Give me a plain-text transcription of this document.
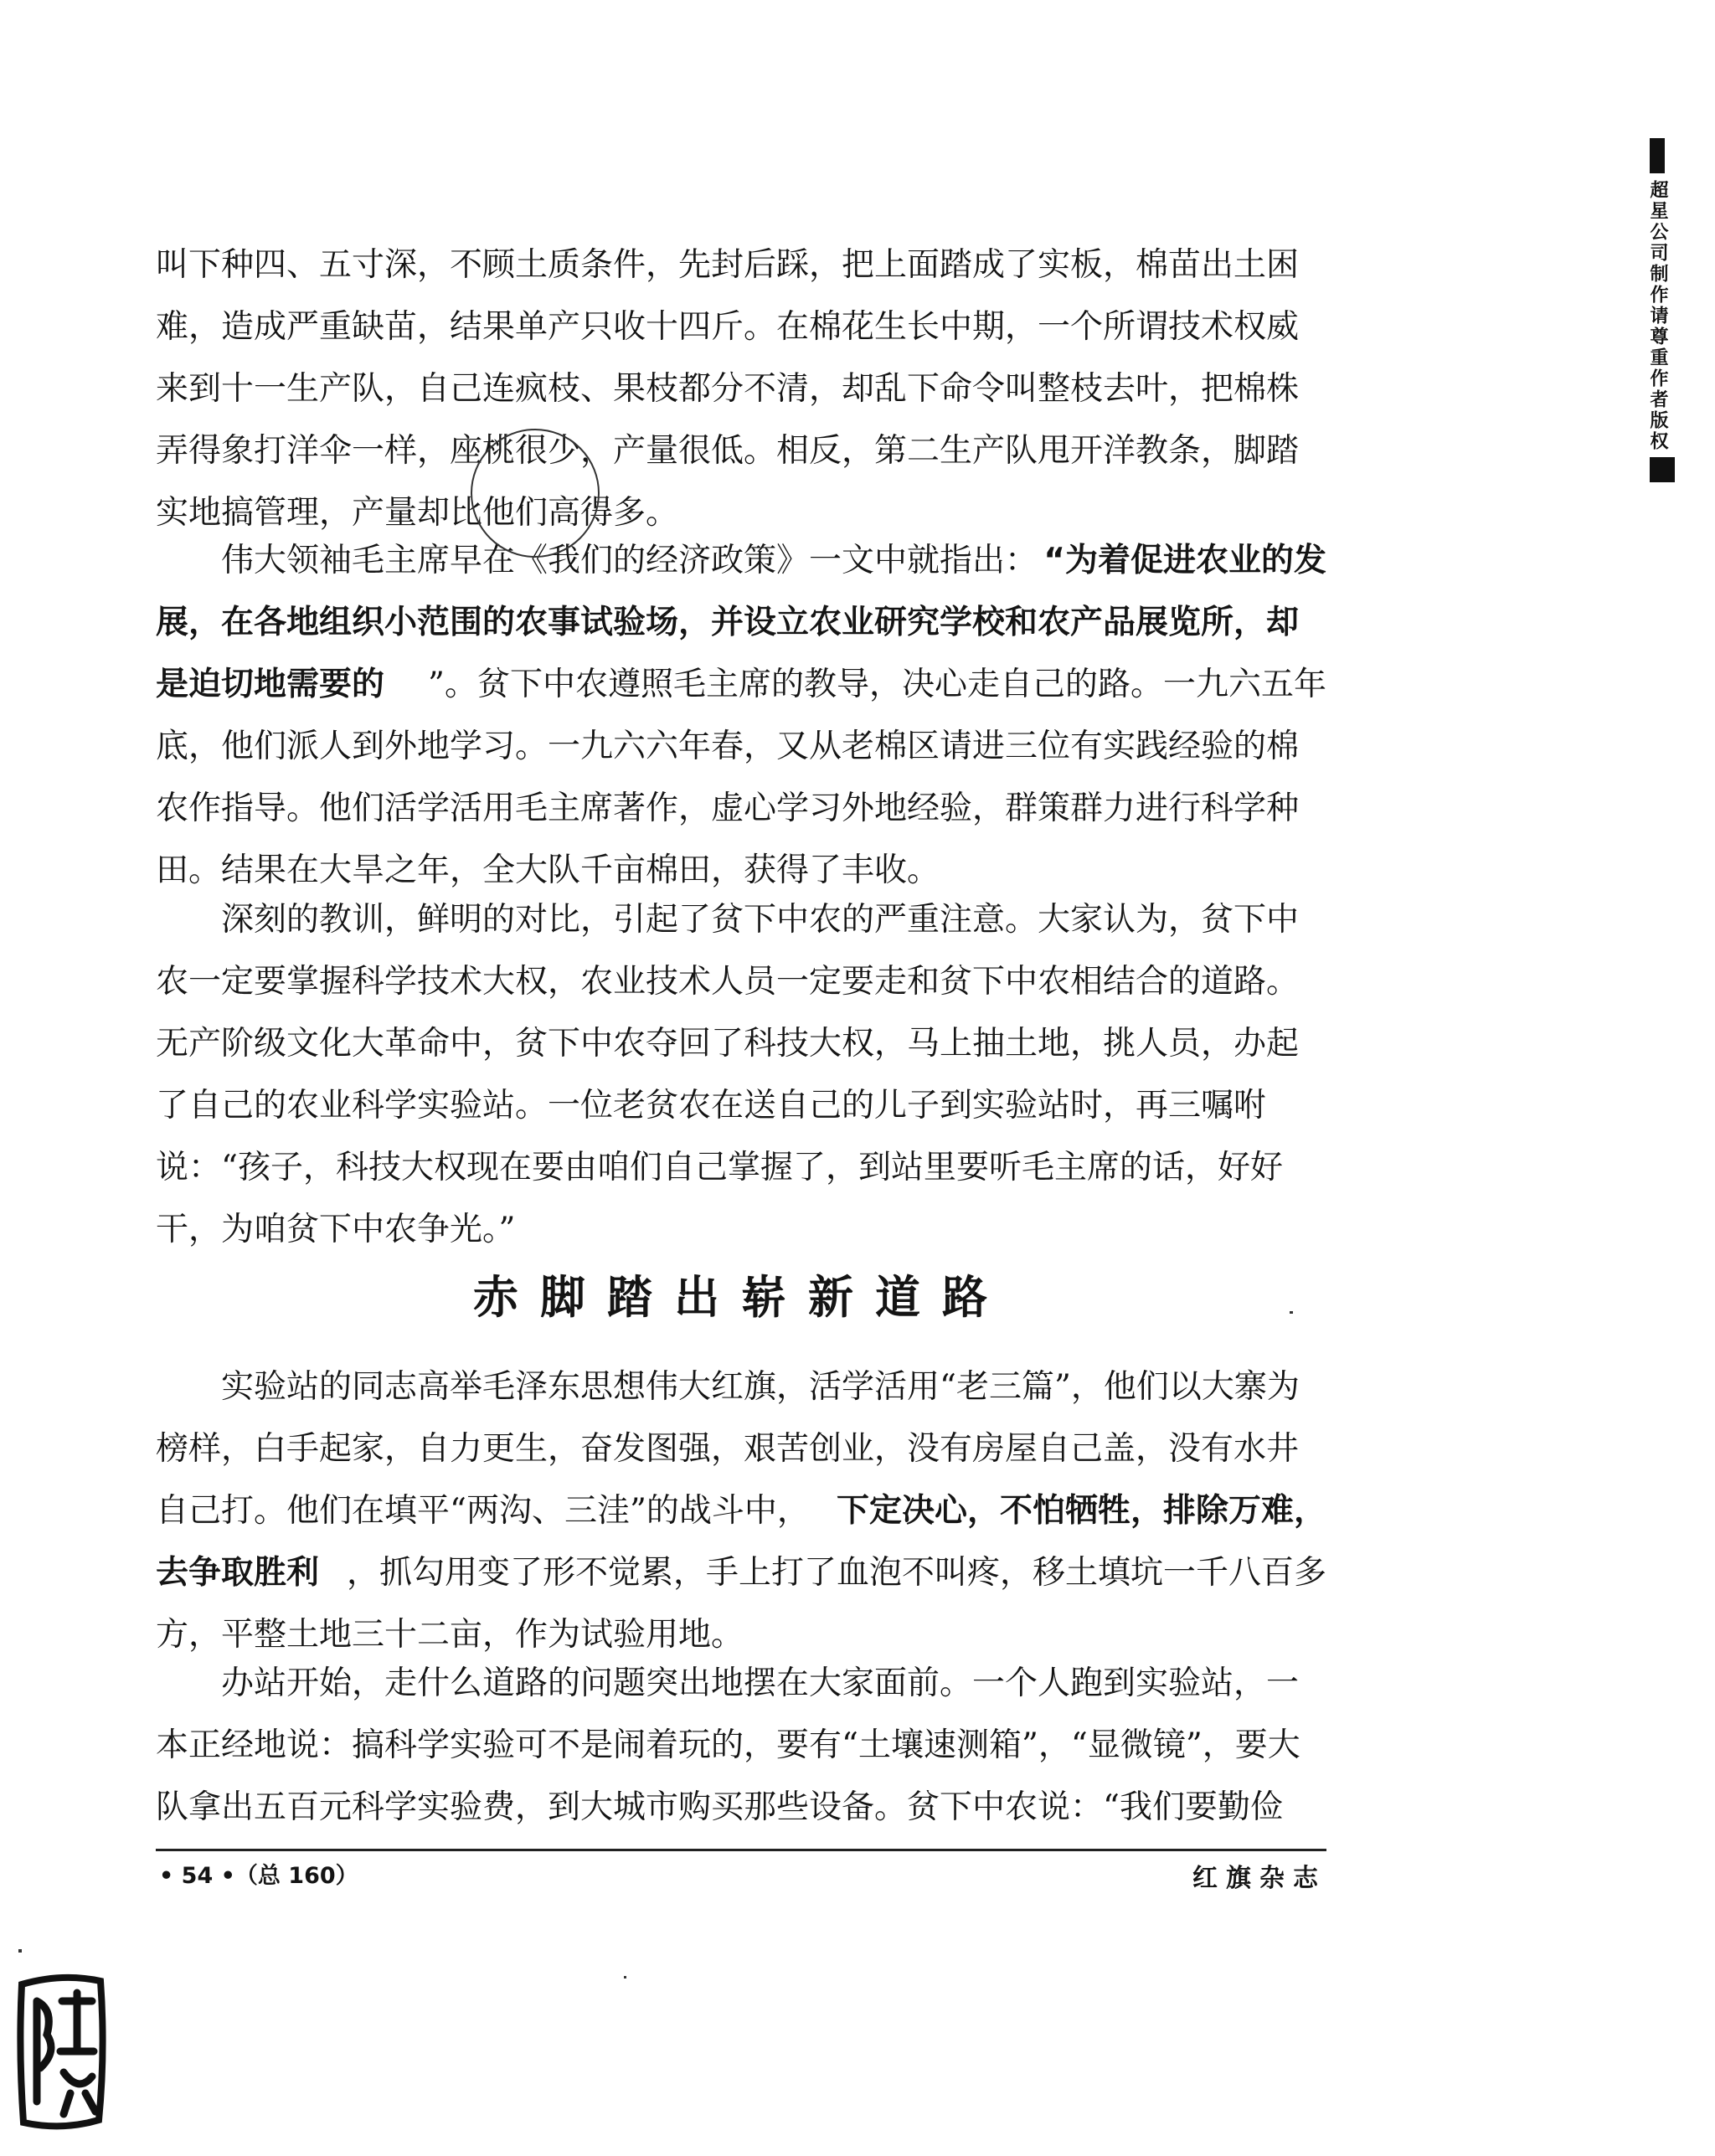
叫下种四、五寸深，不顾土质条件，先封后踩，把上面踏成了实板，棉苗出土困
难，造成严重缺苗，结果单产只收十四斤。在棉花生长中期，一个所谓技术权威
来到十一生产队，自己连疯枝、果枝都分不清，却乱下命令叫整枝去叶，把棉株
弄得象打洋伞一样，座桃很少，产量很低。相反，第二生产队甩开洋教条，脚踏
实地搞管理，产量却比他们高得多。
伟大领袖毛主席早在《我们的经济政策》一文中就指出： “为着促进农业的发
展，在各地组织小范围的农事试验场，并设立农业研究学校和农产品展览所，却
是迫切地需要的 ”。贫下中农遵照毛主席的教导，决心走自己的路。一九六五年
底，他们派人到外地学习。一九六六年春，又从老棉区请进三位有实践经验的棉
农作指导。他们活学活用毛主席著作，虚心学习外地经验，群策群力进行科学种
田。结果在大旱之年，全大队千亩棉田，获得了丰收。
深刻的教训，鲜明的对比，引起了贫下中农的严重注意。大家认为，贫下中
农一定要掌握科学技术大权，农业技术人员一定要走和贫下中农相结合的道路。
无产阶级文化大革命中，贫下中农夺回了科技大权，马上抽土地，挑人员，办起
了自己的农业科学实验站。一位老贫农在送自己的儿子到实验站时，再三嘱咐
说：“孩子，科技大权现在要由咱们自己掌握了，到站里要听毛主席的话，好好
干，为咱贫下中农争光。”
赤脚踏出崭新道路
实验站的同志高举毛泽东思想伟大红旗，活学活用“老三篇”，他们以大寨为
榜样，白手起家，自力更生，奋发图强，艰苦创业，没有房屋自己盖，没有水井
自己打。他们在填平“两沟、三洼”的战斗中， 下定决心，不怕牺牲，排除万难，
去争取胜利 ，抓勾用变了形不觉累，手上打了血泡不叫疼，移土填坑一千八百多
方，平整土地三十二亩，作为试验用地。
办站开始，走什么道路的问题突出地摆在大家面前。一个人跑到实验站，一
本正经地说：搞科学实验可不是闹着玩的，要有“土壤速测箱”，“显微镜”，要大
队拿出五百元科学实验费，到大城市购买那些设备。贫下中农说：“我们要勤俭
• 54 •（总 160）	红旗杂志
超星公司制作请尊重作者版权
